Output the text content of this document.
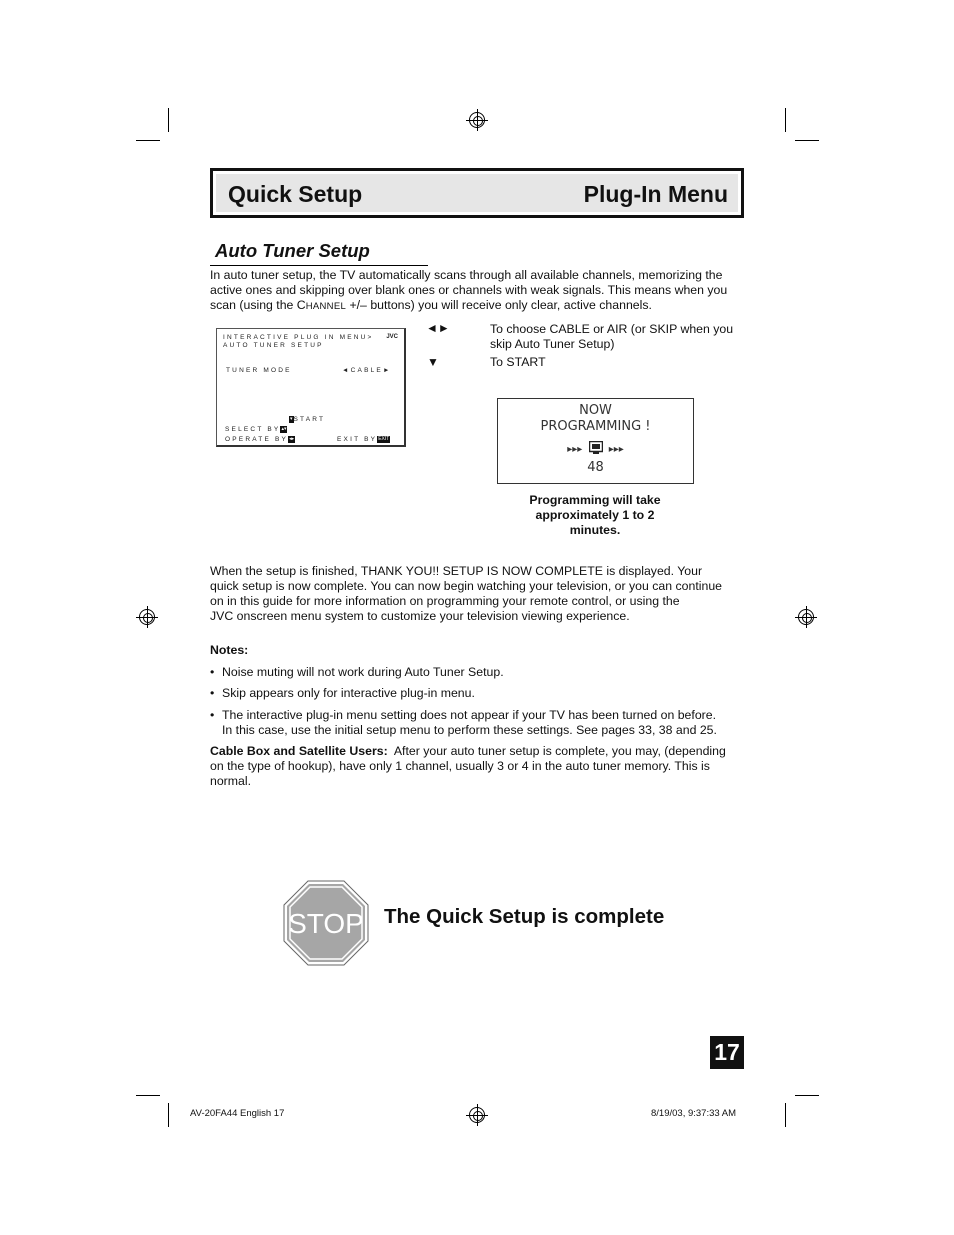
Quick Setup	Plug-In Menu
Auto Tuner Setup
In auto tuner setup, the TV automatically scans through all available channels, memorizing the
active ones and skipping over blank ones or channels with weak signals. This means when you
scan (using the CHANNEL +/– buttons) you will receive only clear, active channels.
INTERACTIVE PLUG IN MENU> JVC
AUTO TUNER SETUP
TUNER MODE	◄CABLE►
▾START
SELECT BY▴▾
OPERATE BY◂▸	EXIT BYEXIT
◄►	To choose CABLE or AIR (or SKIP when you
skip Auto Tuner Setup)
▼	To START
NOW
PROGRAMMING !
▸▸▸	▸▸▸
48
Programming will take
approximately 1 to 2
minutes.
When the setup is finished, THANK YOU!! SETUP IS NOW COMPLETE is displayed. Your
quick setup is now complete. You can now begin watching your television, or you can continue
on in this guide for more information on programming your remote control, or using the
JVC onscreen menu system to customize your television viewing experience.
Notes:
• Noise muting will not work during Auto Tuner Setup.
• Skip appears only for interactive plug-in menu.
• The interactive plug-in menu setting does not appear if your TV has been turned on before.
In this case, use the initial setup menu to perform these settings. See pages 33, 38 and 25.
Cable Box and Satellite Users:  After your auto tuner setup is complete, you may, (depending
on the type of hookup), have only 1 channel, usually 3 or 4 in the auto tuner memory. This is
normal.
STOP The Quick Setup is complete
17
AV-20FA44 English 17	8/19/03, 9:37:33 AM
